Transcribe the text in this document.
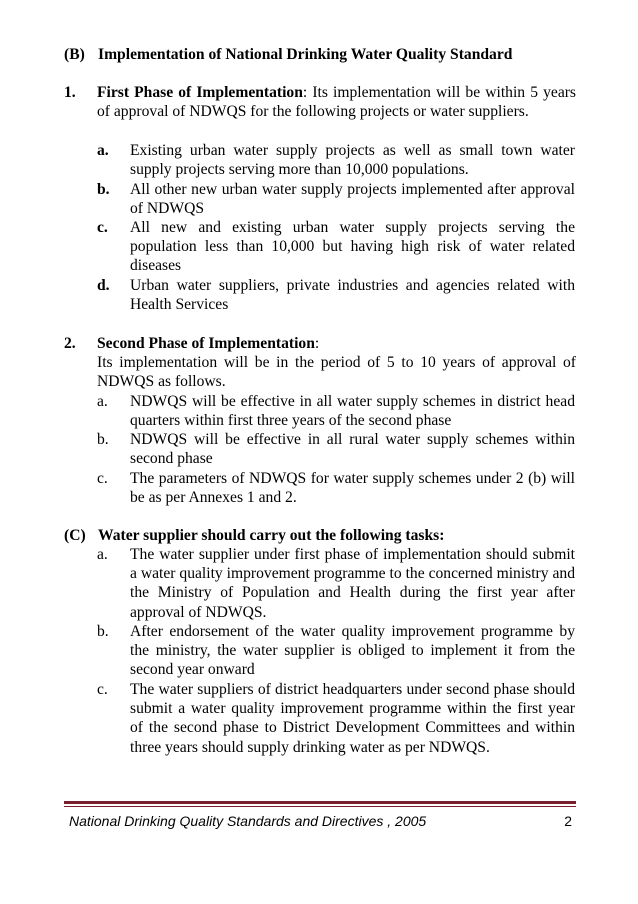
(B) Implementation of National Drinking Water Quality Standard
1. First Phase of Implementation: Its implementation will be within 5 years of approval of NDWQS for the following projects or water suppliers.
a. Existing urban water supply projects as well as small town water supply projects serving more than 10,000 populations.
b. All other new urban water supply projects implemented after approval of NDWQS
c. All new and existing urban water supply projects serving the population less than 10,000 but having high risk of water related diseases
d. Urban water suppliers, private industries and agencies related with Health Services
2. Second Phase of Implementation:
Its implementation will be in the period of 5 to 10 years of approval of NDWQS as follows.
a. NDWQS will be effective in all water supply schemes in district head quarters within first three years of the second phase
b. NDWQS will be effective in all rural water supply schemes within second phase
c. The parameters of NDWQS for water supply schemes under 2 (b) will be as per Annexes 1 and 2.
(C) Water supplier should carry out the following tasks:
a. The water supplier under first phase of implementation should submit a water quality improvement programme to the concerned ministry and the Ministry of Population and Health during the first year after approval of NDWQS.
b. After endorsement of the water quality improvement programme by the ministry, the water supplier is obliged to implement it from the second year onward
c. The water suppliers of district headquarters under second phase should submit a water quality improvement programme within the first year of the second phase to District Development Committees and within three years should supply drinking water as per NDWQS.
National Drinking Quality Standards and Directives , 2005	2
